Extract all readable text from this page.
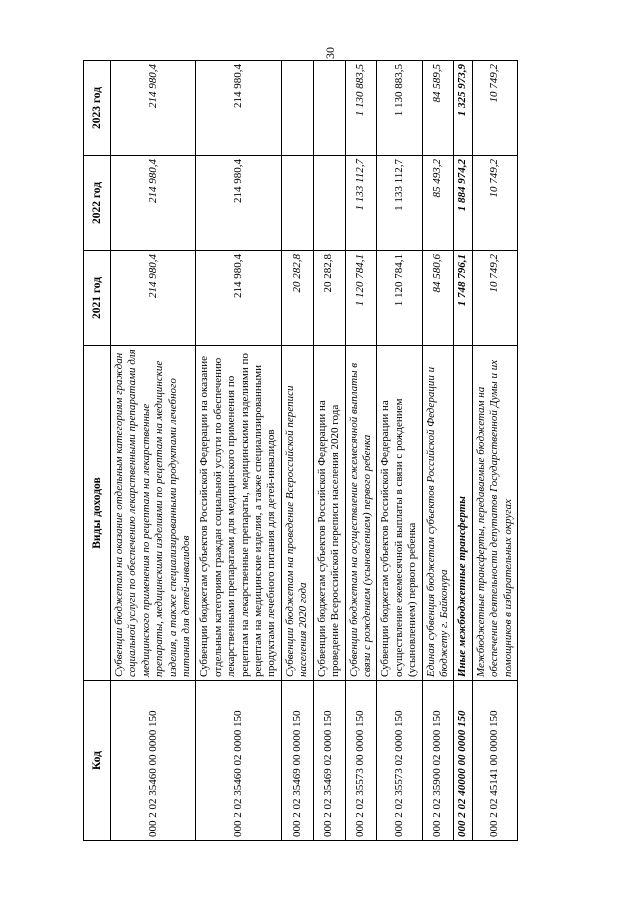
30
Код	Виды доходов	2021 год	2022 год	2023 год
000 2 02 35460 00 0000 150	Субвенции бюджетам на оказание отдельным категориям граждан социальной услуги по обеспечению лекарственными препаратами для медицинского применения по рецептам на лекарственные препараты, медицинскими изделиями по рецептам на медицинские изделия, а также специализированными продуктами лечебного питания для детей-инвалидов	214 980,4	214 980,4	214 980,4
000 2 02 35460 02 0000 150	Субвенции бюджетам субъектов Российской Федерации на оказание отдельным категориям граждан социальной услуги по обеспечению лекарственными препаратами для медицинского применения по рецептам на лекарственные препараты, медицинскими изделиями по рецептам на медицинские изделия, а также специализированными продуктами лечебного питания для детей-инвалидов	214 980,4	214 980,4	214 980,4
000 2 02 35469 00 0000 150	Субвенции бюджетам на проведение Всероссийской переписи населения 2020 года	20 282,8		
000 2 02 35469 02 0000 150	Субвенции бюджетам субъектов Российской Федерации на проведение Всероссийской переписи населения 2020 года	20 282,8		
000 2 02 35573 00 0000 150	Субвенции бюджетам на осуществление ежемесячной выплаты в связи с рождением (усыновлением) первого ребенка	1 120 784,1	1 133 112,7	1 130 883,5
000 2 02 35573 02 0000 150	Субвенции бюджетам субъектов Российской Федерации на осуществление ежемесячной выплаты в связи с рождением (усыновлением) первого ребенка	1 120 784,1	1 133 112,7	1 130 883,5
000 2 02 35900 02 0000 150	Единая субвенция бюджетам субъектов Российской Федерации и бюджету г. Байконура	84 580,6	85 493,2	84 589,5
000 2 02 40000 00 0000 150	Иные межбюджетные трансферты	1 748 796,1	1 884 974,2	1 325 973,9
000 2 02 45141 00 0000 150	Межбюджетные трансферты, передаваемые бюджетам на обеспечение деятельности депутатов Государственной Думы и их помощников в избирательных округах	10 749,2	10 749,2	10 749,2
